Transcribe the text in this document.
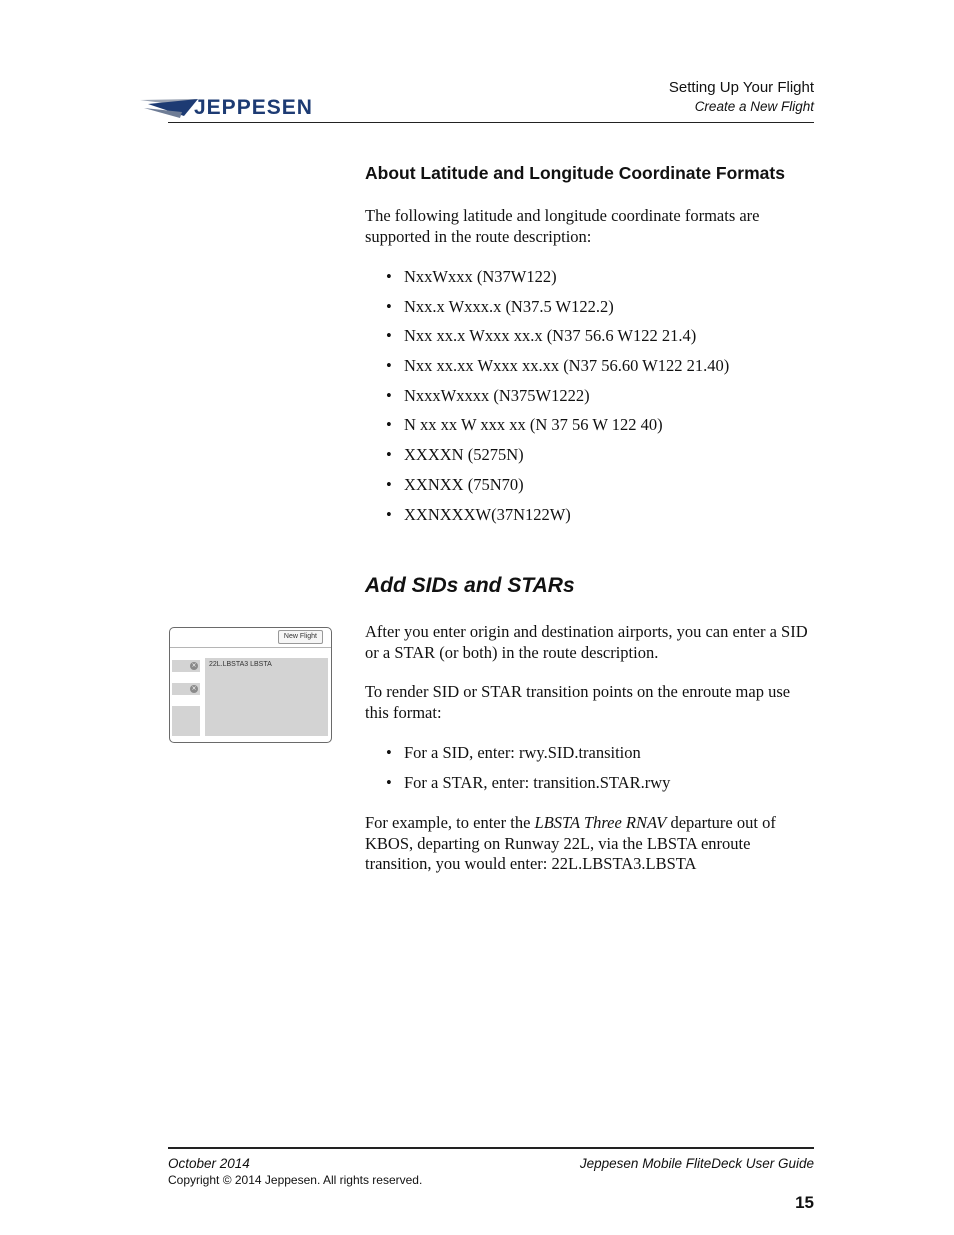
JEPPESEN
Setting Up Your Flight
Create a New Flight
About Latitude and Longitude Coordinate Formats
The following latitude and longitude coordinate formats are supported in the route description:
• NxxWxxx (N37W122)
• Nxx.x Wxxx.x (N37.5 W122.2)
• Nxx xx.x Wxxx xx.x (N37 56.6 W122 21.4)
• Nxx xx.xx Wxxx xx.xx (N37 56.60 W122 21.40)
• NxxxWxxxx (N375W1222)
• N xx xx W xxx xx (N 37 56 W 122 40)
• XXXXN (5275N)
• XXNXX (75N70)
• XXNXXXW(37N122W)
Add SIDs and STARs
After you enter origin and destination airports, you can enter a SID or a STAR (or both) in the route description.
To render SID or STAR transition points on the enroute map use this format:
• For a SID, enter: rwy.SID.transition
• For a STAR, enter: transition.STAR.rwy
For example, to enter the LBSTA Three RNAV departure out of KBOS, departing on Runway 22L, via the LBSTA enroute transition, you would enter: 22L.LBSTA3.LBSTA
New Flight
×
×
22L.LBSTA3 LBSTA
October 2014	Jeppesen Mobile FliteDeck User Guide
Copyright © 2014 Jeppesen. All rights reserved.
15
